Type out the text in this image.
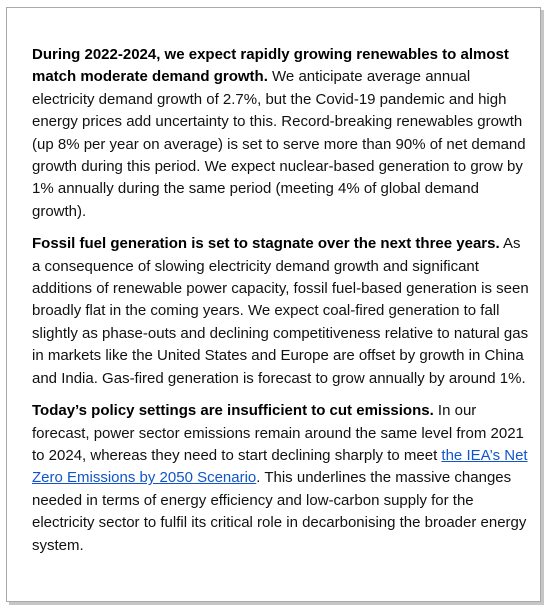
During 2022-2024, we expect rapidly growing renewables to almost match moderate demand growth. We anticipate average annual electricity demand growth of 2.7%, but the Covid-19 pandemic and high energy prices add uncertainty to this. Record-breaking renewables growth (up 8% per year on average) is set to serve more than 90% of net demand growth during this period. We expect nuclear-based generation to grow by 1% annually during the same period (meeting 4% of global demand growth).

Fossil fuel generation is set to stagnate over the next three years. As a consequence of slowing electricity demand growth and significant additions of renewable power capacity, fossil fuel-based generation is seen broadly flat in the coming years. We expect coal-fired generation to fall slightly as phase-outs and declining competitiveness relative to natural gas in markets like the United States and Europe are offset by growth in China and India. Gas-fired generation is forecast to grow annually by around 1%.

Today’s policy settings are insufficient to cut emissions. In our forecast, power sector emissions remain around the same level from 2021 to 2024, whereas they need to start declining sharply to meet the IEA’s Net Zero Emissions by 2050 Scenario. This underlines the massive changes needed in terms of energy efficiency and low-carbon supply for the electricity sector to fulfil its critical role in decarbonising the broader energy system.
